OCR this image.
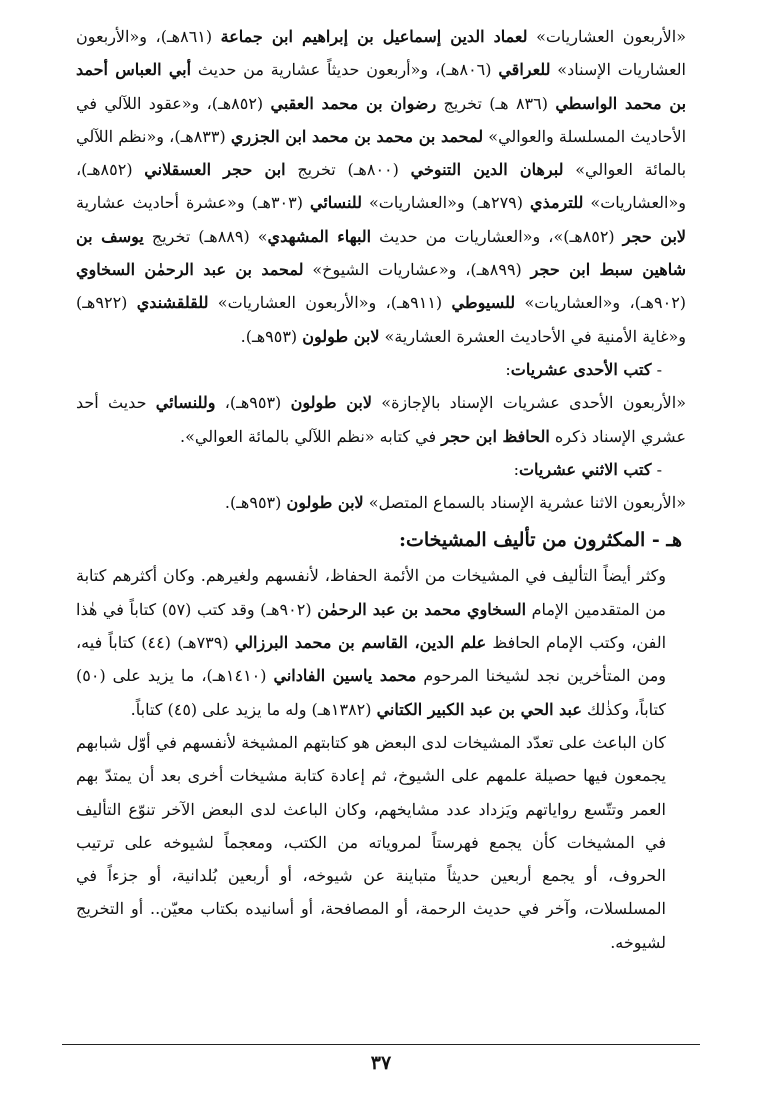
«الأربعون العشاريات» لعماد الدين إسماعيل بن إبراهيم ابن جماعة (٨٦١هـ)، و«الأربعون العشاريات الإسناد» للعراقي (٨٠٦هـ)، و«أربعون حديثاً عشارية من حديث أبي العباس أحمد بن محمد الواسطي (٨٣٦ هـ) تخريج رضوان بن محمد العقبي (٨٥٢هـ)، و«عقود اللآلي في الأحاديث المسلسلة والعوالي» لمحمد بن محمد بن محمد ابن الجزري (٨٣٣هـ)، و«نظم اللآلي بالمائة العوالي» لبرهان الدين التنوخي (٨٠٠هـ) تخريج ابن حجر العسقلاني (٨٥٢هـ)، و«العشاريات» للترمذي (٢٧٩هـ) و«العشاريات» للنسائي (٣٠٣هـ) و«عشرة أحاديث عشارية لابن حجر (٨٥٢هـ)»، و«العشاريات من حديث البهاء المشهدي» (٨٨٩هـ) تخريج يوسف بن شاهين سبط ابن حجر (٨٩٩هـ)، و«عشاريات الشيوخ» لمحمد بن عبد الرحمٰن السخاوي (٩٠٢هـ)، و«العشاريات» للسيوطي (٩١١هـ)، و«الأربعون العشاريات» للقلقشندي (٩٢٢هـ) و«غاية الأمنية في الأحاديث العشرة العشارية» لابن طولون (٩٥٣هـ).

- كتب الأحدى عشريات:

«الأربعون الأحدى عشريات الإسناد بالإجازة» لابن طولون (٩٥٣هـ)، وللنسائي حديث أحد عشري الإسناد ذكره الحافظ ابن حجر في كتابه «نظم اللآلي بالمائة العوالي».

- كتب الاثني عشريات:

«الأربعون الاثنا عشرية الإسناد بالسماع المتصل» لابن طولون (٩٥٣هـ).

هـ - المكثرون من تأليف المشيخات:

وكثر أيضاً التأليف في المشيخات من الأئمة الحفاظ، لأنفسهم ولغيرهم. وكان أكثرهم كتابة من المتقدمين الإمام السخاوي محمد بن عبد الرحمٰن (٩٠٢هـ) وقد كتب (٥٧) كتاباً في هٰذا الفن، وكتب الإمام الحافظ علم الدين، القاسم بن محمد البرزالي (٧٣٩هـ) (٤٤) كتاباً فيه، ومن المتأخرين نجد لشيخنا المرحوم محمد ياسين الفاداني (١٤١٠هـ)، ما يزيد على (٥٠) كتاباً، وكذٰلك عبد الحي بن عبد الكبير الكتاني (١٣٨٢هـ) وله ما يزيد على (٤٥) كتاباً.

كان الباعث على تعدّد المشيخات لدى البعض هو كتابتهم المشيخة لأنفسهم في أوّل شبابهم يجمعون فيها حصيلة علمهم على الشيوخ، ثم إعادة كتابة مشيخات أخرى بعد أن يمتدّ بهم العمر وتتّسع رواياتهم ويَزداد عدد مشايخهم، وكان الباعث لدى البعض الآخر تنوّع التأليف في المشيخات كأن يجمع فهرستاً لمروياته من الكتب، ومعجماً لشيوخه على ترتيب الحروف، أو يجمع أربعين حديثاً متباينة عن شيوخه، أو أربعين بُلدانية، أو جزءاً في المسلسلات، وآخر في حديث الرحمة، أو المصافحة، أو أسانيده بكتاب معيّن.. أو التخريج لشيوخه.

٣٧
